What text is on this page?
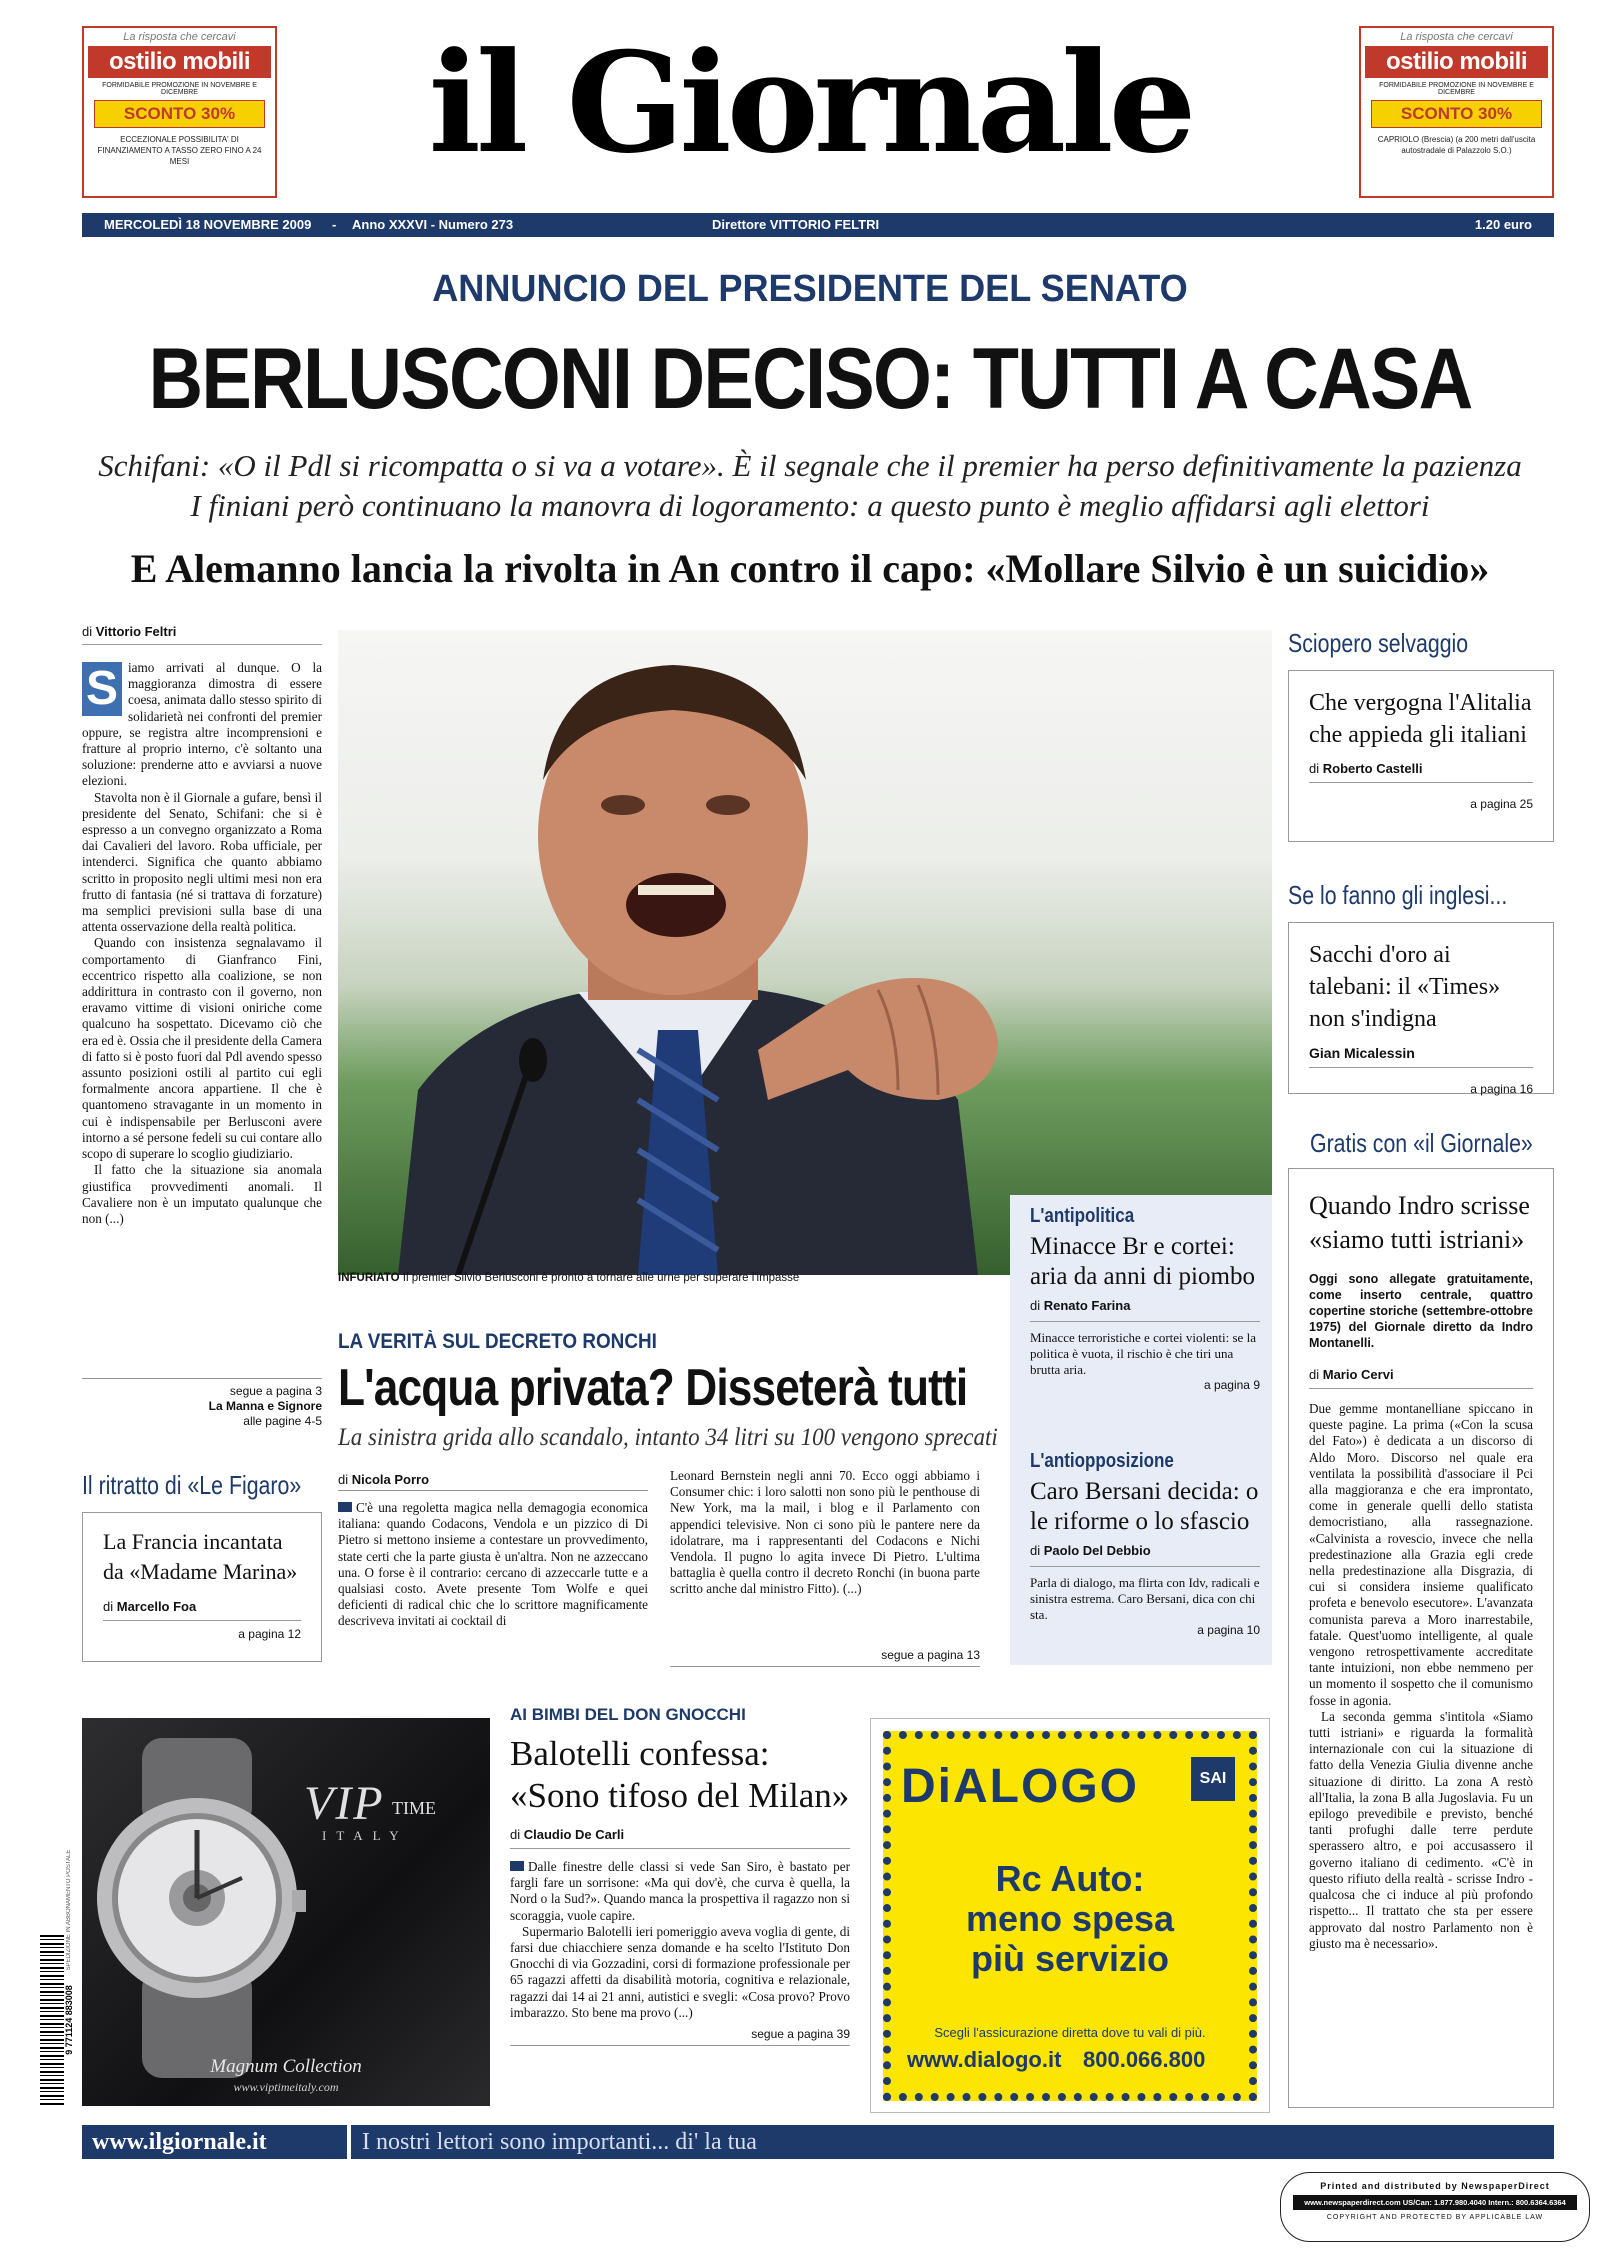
La risposta che cercavi
ostilio mobili
FORMIDABILE PROMOZIONE IN NOVEMBRE E DICEMBRE
SCONTO 30%
ECCEZIONALE POSSIBILITA' DI FINANZIAMENTO A TASSO ZERO FINO A 24 MESI
La risposta che cercavi
ostilio mobili
FORMIDABILE PROMOZIONE IN NOVEMBRE E DICEMBRE
SCONTO 30%
CAPRIOLO (Brescia) (a 200 metri dall'uscita autostradale di Palazzolo S.O.)
il Giornale
MERCOLEDÌ 18 NOVEMBRE 2009 - Anno XXXVI - Numero 273	Direttore VITTORIO FELTRI	1.20 euro
ANNUNCIO DEL PRESIDENTE DEL SENATO
BERLUSCONI DECISO: TUTTI A CASA
Schifani: «O il Pdl si ricompatta o si va a votare». È il segnale che il premier ha perso definitivamente la pazienza
I finiani però continuano la manovra di logoramento: a questo punto è meglio affidarsi agli elettori
E Alemanno lancia la rivolta in An contro il capo: «Mollare Silvio è un suicidio»
di Vittorio Feltri
S iamo arrivati al dunque. O la maggioranza dimostra di essere coesa, animata dallo stesso spirito di solidarietà nei confronti del premier oppure, se registra altre incomprensioni e fratture al proprio interno, c'è soltanto una soluzione: prenderne atto e avviarsi a nuove elezioni.

Stavolta non è il Giornale a gufare, bensì il presidente del Senato, Schifani: che si è espresso a un convegno organizzato a Roma dai Cavalieri del lavoro. Roba ufficiale, per intenderci. Significa che quanto abbiamo scritto in proposito negli ultimi mesi non era frutto di fantasia (né si trattava di forzature) ma semplici previsioni sulla base di una attenta osservazione della realtà politica.

Quando con insistenza segnalavamo il comportamento di Gianfranco Fini, eccentrico rispetto alla coalizione, se non addirittura in contrasto con il governo, non eravamo vittime di visioni oniriche come qualcuno ha sospettato. Dicevamo ciò che era ed è. Ossia che il presidente della Camera di fatto si è posto fuori dal Pdl avendo spesso assunto posizioni ostili al partito cui egli formalmente ancora appartiene. Il che è quantomeno stravagante in un momento in cui è indispensabile per Berlusconi avere intorno a sé persone fedeli su cui contare allo scopo di superare lo scoglio giudiziario.

Il fatto che la situazione sia anomala giustifica provvedimenti anomali. Il Cavaliere non è un imputato qualunque che non (...)

segue a pagina 3
La Manna e Signore
alle pagine 4-5
INFURIATO Il premier Silvio Berlusconi è pronto a tornare alle urne per superare l'impasse
L'antipolitica
Minacce Br e cortei: aria da anni di piombo
di Renato Farina
Minacce terroristiche e cortei violenti: se la politica è vuota, il rischio è che tiri una brutta aria.
a pagina 9
L'antiopposizione
Caro Bersani decida: o le riforme o lo sfascio
di Paolo Del Debbio
Parla di dialogo, ma flirta con Idv, radicali e sinistra estrema. Caro Bersani, dica con chi sta.
a pagina 10
LA VERITÀ SUL DECRETO RONCHI
L'acqua privata? Disseterà tutti
La sinistra grida allo scandalo, intanto 34 litri su 100 vengono sprecati
di Nicola Porro
C'è una regoletta magica nella demagogia economica italiana: quando Codacons, Vendola e un pizzico di Di Pietro si mettono insieme a contestare un provvedimento, state certi che la parte giusta è un'altra. Non ne azzeccano una. O forse è il contrario: cercano di azzeccarle tutte e a qualsiasi costo. Avete presente Tom Wolfe e quei deficienti di radical chic che lo scrittore magnificamente descriveva invitati ai cocktail di
Leonard Bernstein negli anni 70. Ecco oggi abbiamo i Consumer chic: i loro salotti non sono più le penthouse di New York, ma la mail, i blog e il Parlamento con appendici televisive. Non ci sono più le pantere nere da idolatrare, ma i rappresentanti del Codacons e Nichi Vendola. Il pugno lo agita invece Di Pietro. L'ultima battaglia è quella contro il decreto Ronchi (in buona parte scritto anche dal ministro Fitto). (...)
segue a pagina 13
Sciopero selvaggio
Che vergogna l'Alitalia che appieda gli italiani
di Roberto Castelli
a pagina 25
Se lo fanno gli inglesi...
Sacchi d'oro ai talebani: il «Times» non s'indigna
Gian Micalessin
a pagina 16
Gratis con «il Giornale»
Quando Indro scrisse «siamo tutti istriani»
Oggi sono allegate gratuitamente, come inserto centrale, quattro copertine storiche (settembre-ottobre 1975) del Giornale diretto da Indro Montanelli.
di Mario Cervi
Due gemme montanelliane spiccano in queste pagine. La prima («Con la scusa del Fato») è dedicata a un discorso di Aldo Moro. Discorso nel quale era ventilata la possibilità d'associare il Pci alla maggioranza e che era improntato, come in generale quelli dello statista democristiano, alla rassegnazione. «Calvinista a rovescio, invece che nella predestinazione alla Grazia egli crede nella predestinazione alla Disgrazia, di cui si considera insieme qualificato profeta e benevolo esecutore». L'avanzata comunista pareva a Moro inarrestabile, fatale. Quest'uomo intelligente, al quale vengono retrospettivamente accreditate tante intuizioni, non ebbe nemmeno per un momento il sospetto che il comunismo fosse in agonia.
La seconda gemma s'intitola «Siamo tutti istriani» e riguarda la formalità internazionale con cui la situazione di fatto della Venezia Giulia divenne anche situazione di diritto. La zona A restò all'Italia, la zona B alla Jugoslavia. Fu un epilogo prevedibile e previsto, benché tanti profughi dalle terre perdute sperassero altro, e poi accusassero il governo italiano di cedimento. «C'è in questo rifiuto della realtà - scrisse Indro - qualcosa che ci induce al più profondo rispetto... Il trattato che sta per essere approvato dal nostro Parlamento non è giusto ma è necessario».
Il ritratto di «Le Figaro»
La Francia incantata da «Madame Marina»
di Marcello Foa
a pagina 12
VIP TIME
ITALY
Magnum Collection
www.viptimeitaly.com
SPEDIZIONE IN ABBONAMENTO POSTALE
9 771124 883008
AI BIMBI DEL DON GNOCCHI
Balotelli confessa:
«Sono tifoso del Milan»
di Claudio De Carli
Dalle finestre delle classi si vede San Siro, è bastato per fargli fare un sorrisone: «Ma qui dov'è, che curva è quella, la Nord o la Sud?». Quando manca la prospettiva il ragazzo non si scoraggia, vuole capire.
Supermario Balotelli ieri pomeriggio aveva voglia di gente, di farsi due chiacchiere senza domande e ha scelto l'Istituto Don Gnocchi di via Gozzadini, corsi di formazione professionale per 65 ragazzi affetti da disabilità motoria, cognitiva e relazionale, ragazzi dai 14 ai 21 anni, autistici e svegli: «Cosa provo? Provo imbarazzo. Sto bene ma provo (...)
segue a pagina 39
DiALOGO	SAI
Rc Auto:
meno spesa
più servizio
Scegli l'assicurazione diretta dove tu vali di più.
www.dialogo.it 800.066.800
www.ilgiornale.it	I nostri lettori sono importanti... di' la tua
Printed and distributed by NewspaperDirect
www.newspaperdirect.com US/Can: 1.877.980.4040 Intern.: 800.6364.6364
COPYRIGHT AND PROTECTED BY APPLICABLE LAW
